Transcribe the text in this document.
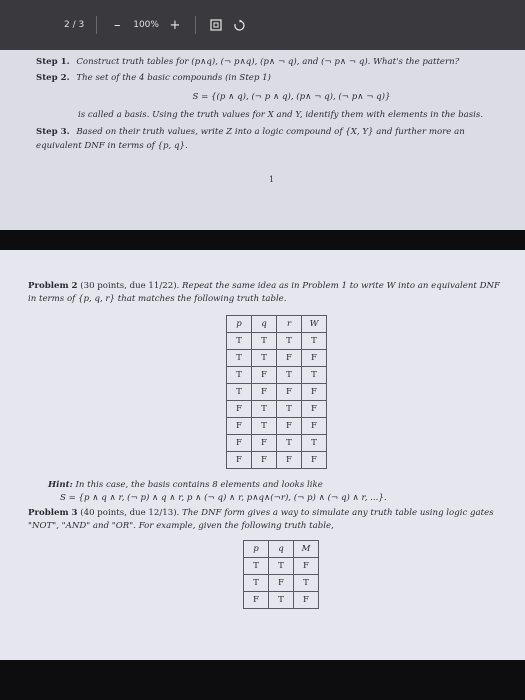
2 / 3	–	100% +
Step 1. Construct truth tables for (p∧q), (¬ p∧q), (p∧ ¬ q), and (¬ p∧ ¬ q). What's the pattern?
Step 2. The set of the 4 basic compounds (in Step 1)
S = {(p ∧ q), (¬ p ∧ q), (p∧ ¬ q), (¬ p∧ ¬ q)}
is called a basis. Using the truth values for X and Y, identify them with elements in the basis.
Step 3. Based on their truth values, write Z into a logic compound of {X, Y} and further more an equivalent DNF in terms of {p, q}.
1
Problem 2 (30 points, due 11/22). Repeat the same idea as in Problem 1 to write W into an equivalent DNF in terms of {p, q, r} that matches the following truth table.
p	q	r	W
T	T	T	T
T	T	F	F
T	F	T	T
T	F	F	F
F	T	T	F
F	T	F	F
F	F	T	T
F	F	F	F
Hint: In this case, the basis contains 8 elements and looks like
S = {p ∧ q ∧ r, (¬ p) ∧ q ∧ r, p ∧ (¬ q) ∧ r, p∧q∧(¬r), (¬ p) ∧ (¬ q) ∧ r, ...}.
Problem 3 (40 points, due 12/13). The DNF form gives a way to simulate any truth table using logic gates "NOT", "AND" and "OR". For example, given the following truth table,
p	q	M
T	T	F
T	F	T
F	T	F
